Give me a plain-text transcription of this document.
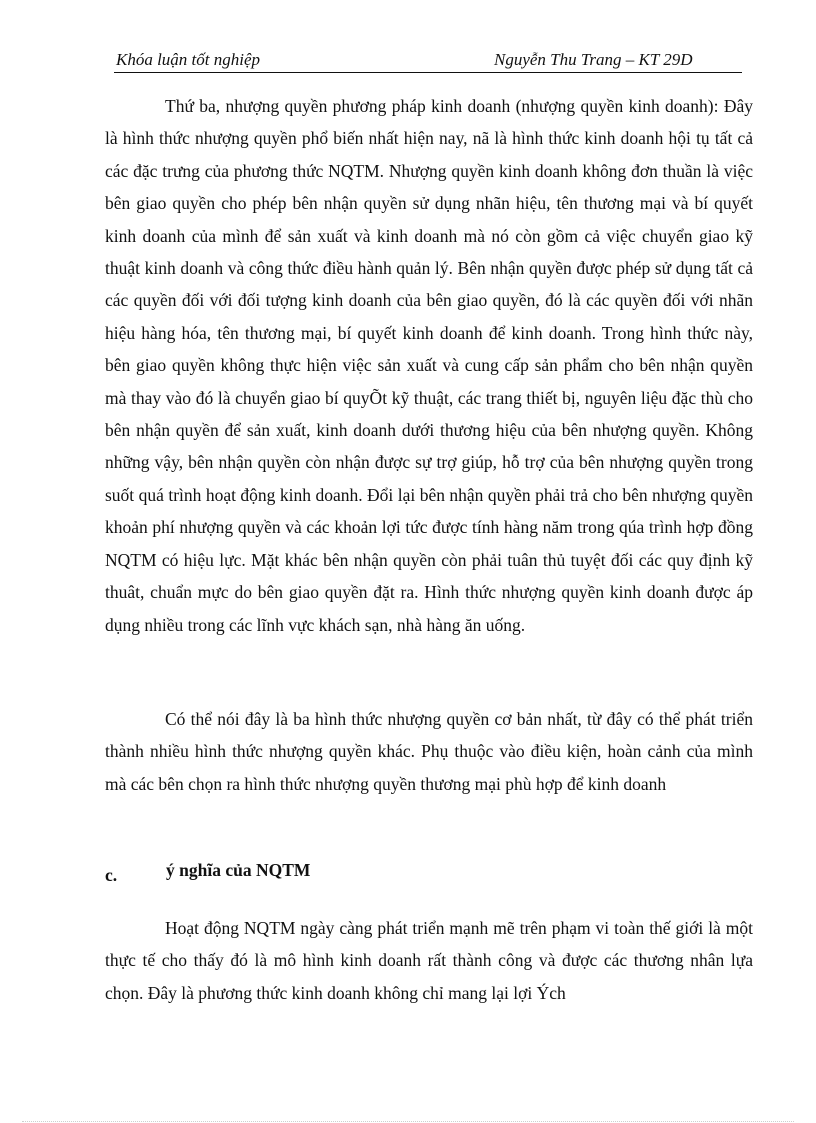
Khóa luận tốt nghiệp	Nguyễn Thu Trang – KT 29D

Thứ ba, nhượng quyền phương pháp kinh doanh (nhượng quyền kinh doanh): Đây là hình thức nhượng quyền phổ biến nhất hiện nay, nã là hình thức kinh doanh hội tụ tất cả các đặc trưng của phương thức NQTM. Nhượng quyền kinh doanh không đơn thuần là việc bên giao quyền cho phép bên nhận quyền sử dụng nhãn hiệu, tên thương mại và bí quyết kinh doanh của mình để sản xuất và kinh doanh mà nó còn gồm cả việc chuyển giao kỹ thuật kinh doanh và công thức điều hành quản lý. Bên nhận quyền được phép sử dụng tất cả các quyền đối với đối tượng kinh doanh của bên giao quyền, đó là các quyền đối với nhãn hiệu hàng hóa, tên thương mại, bí quyết kinh doanh để kinh doanh. Trong hình thức này, bên giao quyền không thực hiện việc sản xuất và cung cấp sản phẩm cho bên nhận quyền mà thay vào đó là chuyển giao bí quyÕt kỹ thuật, các trang thiết bị, nguyên liệu đặc thù cho bên nhận quyền để sản xuất, kinh doanh dưới thương hiệu của bên nhượng quyền. Không những vậy, bên nhận quyền còn nhận được sự trợ giúp, hỗ trợ của bên nhượng quyền trong suốt quá trình hoạt động kinh doanh. Đổi lại bên nhận quyền phải trả cho bên nhượng quyền khoản phí nhượng quyền và các khoản lợi tức được tính hàng năm trong qúa trình hợp đồng NQTM có hiệu lực. Mặt khác bên nhận quyền còn phải tuân thủ tuyệt đối các quy định kỹ thuât, chuẩn mực do bên giao quyền đặt ra. Hình thức nhượng quyền kinh doanh được áp dụng nhiều trong các lĩnh vực khách sạn, nhà hàng ăn uống.

Có thể nói đây là ba hình thức nhượng quyền cơ bản nhất, từ đây có thể phát triển thành nhiều hình thức nhượng quyền khác. Phụ thuộc vào điều kiện, hoàn cảnh của mình mà các bên chọn ra hình thức nhượng quyền thương mại phù hợp để kinh doanh

c.	ý nghĩa của NQTM

Hoạt động NQTM ngày càng phát triển mạnh mẽ trên phạm vi toàn thế giới là một thực tế cho thấy đó là mô hình kinh doanh rất thành công và được các thương nhân lựa chọn. Đây là phương thức kinh doanh không chỉ mang lại lợi Ých
